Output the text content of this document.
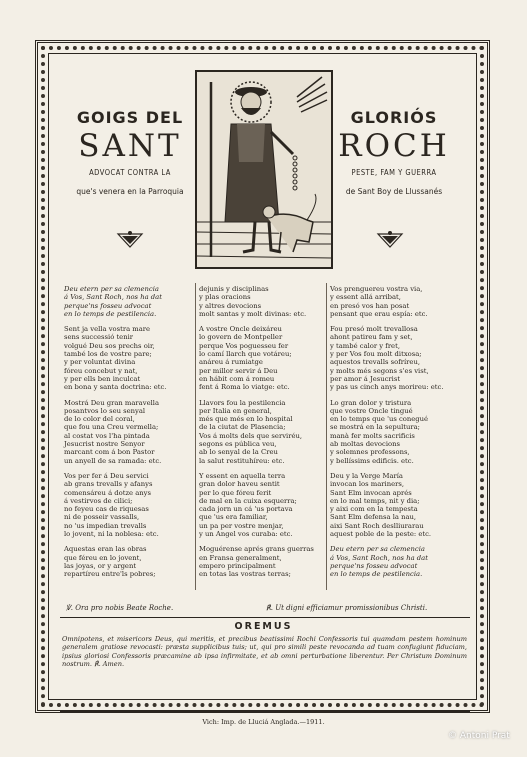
GOIGS DEL
SANT
ADVOCAT CONTRA LA
que's venera en la Parroquia
GLORIÓS
ROCH
PESTE, FAM Y GUERRA
de Sant Boy de Llussanés

Deu etern per sa clemencia
á Vos, Sant Roch, nos ha dat
perque'ns fosseu advocat
en lo temps de pestilencia.

Sent ja vella vostra mare
sens successió tenir
volgué Deu sos prechs oir,
també los de vostre pare;
y per voluntat divina
fóreu concebut y nat,
y per ells ben inculcat
en bona y santa doctrina: etc.

Mostrá Deu gran maravella
posantvos lo seu senyal
de lo color del coral,
que fou una Creu vermella;
al costat vos l'ha pintada
Jesucrist nostre Senyor
marcant com á bon Pastor
un anyell de sa ramada: etc.

Vos per fer á Deu servici
ab grans trevalls y afanys
comensáreu á dotze anys
á vestirvos de cilici;
no feyeu cas de riquesas
ni de posseir vassalls,
no 'us impedian trevalls
lo jovent, ni la noblesa: etc.

Aquestas eran las obras
que féreu en lo jovent,
las joyas, or y argent
repartíreu entre'ls pobres;

dejunis y disciplinas
y plas oracions
y altres devocions
molt santas y molt divinas: etc.

A vostre Oncle deixáreu
lo govern de Montpeller
perque Vos poguesseu fer
lo camí llarch que votáreu;
anáreu á rumiatge
per millor servir á Deu
en hábit com á romeu
fent á Roma lo viatge: etc.

Llavors fou la pestilencia
per Italia en general,
més que més en lo hospital
de la ciutat de Plasencia;
Vos á molts dels que serviréu,
segons es pública veu,
ab lo senyal de la Creu
la salut restituhíreu: etc.

Y essent en aquella terra
gran dolor haveu sentit
per lo que fóreu ferit
de mal en la cuixa esquerra;
cada jorn un cá 'us portava
que 'us era familiar,
un pa per vostre menjar,
y un Angel vos curaba: etc.

Moguérense aprés grans guerras
en Fransa generalment,
empero principalment
en totas las vostras terras;

Vos prenguereu vostra via,
y essent allá arribat,
en presó vos han posat
pensant que erau espía: etc.

Fou presó molt trevallosa
ahont patireu fam y set,
y també calor y fret,
y per Vos fou molt ditxosa;
aquestos trevalls sofríreu,
y molts més segons s'es vist,
per amor á Jesucrist
y pas us cinch anys morireu: etc.

Lo gran dolor y tristura
que vostre Oncle tingué
en lo temps que 'us conegué
se mostrá en la sepultura;
manà fer molts sacrificis
ab moltas devocions
y solemnes professons,
y bellíssims edificis. etc.

Deu y la Verge María
invocan los mariners,
Sant Elm invocan aprés
en lo mal temps, nit y dia;
y aixi com en la tempesta
Sant Elm defensa la nau,
aixi Sant Roch deslliurarau
aquest poble de la peste: etc.

Deu etern per sa clemencia
á Vos, Sant Roch, nos ha dat
perque'ns fosseu advocat
en lo temps de pestilencia.

℣. Ora pro nobis Beate Roche.	℟. Ut digni efficiamur promissionibus Christi.
OREMUS
Omnipotens, et misericors Deus, qui meritis, et precibus beatissimi Rochi Confessoris tui quamdam pestem hominum generalem gratiose revocasti: præsta supplicibus tuis; ut, qui pro simili peste revocanda ad tuam confugiunt fiduciam, ipsius gloriosi Confessoris præcamine ab ipsa infirmitate, et ab omni perturbatione liberentur. Per Christum Dominum nostrum. ℟. Amen.
Vich: Imp. de Lluciá Anglada.—1911.
© Antoni Prat
